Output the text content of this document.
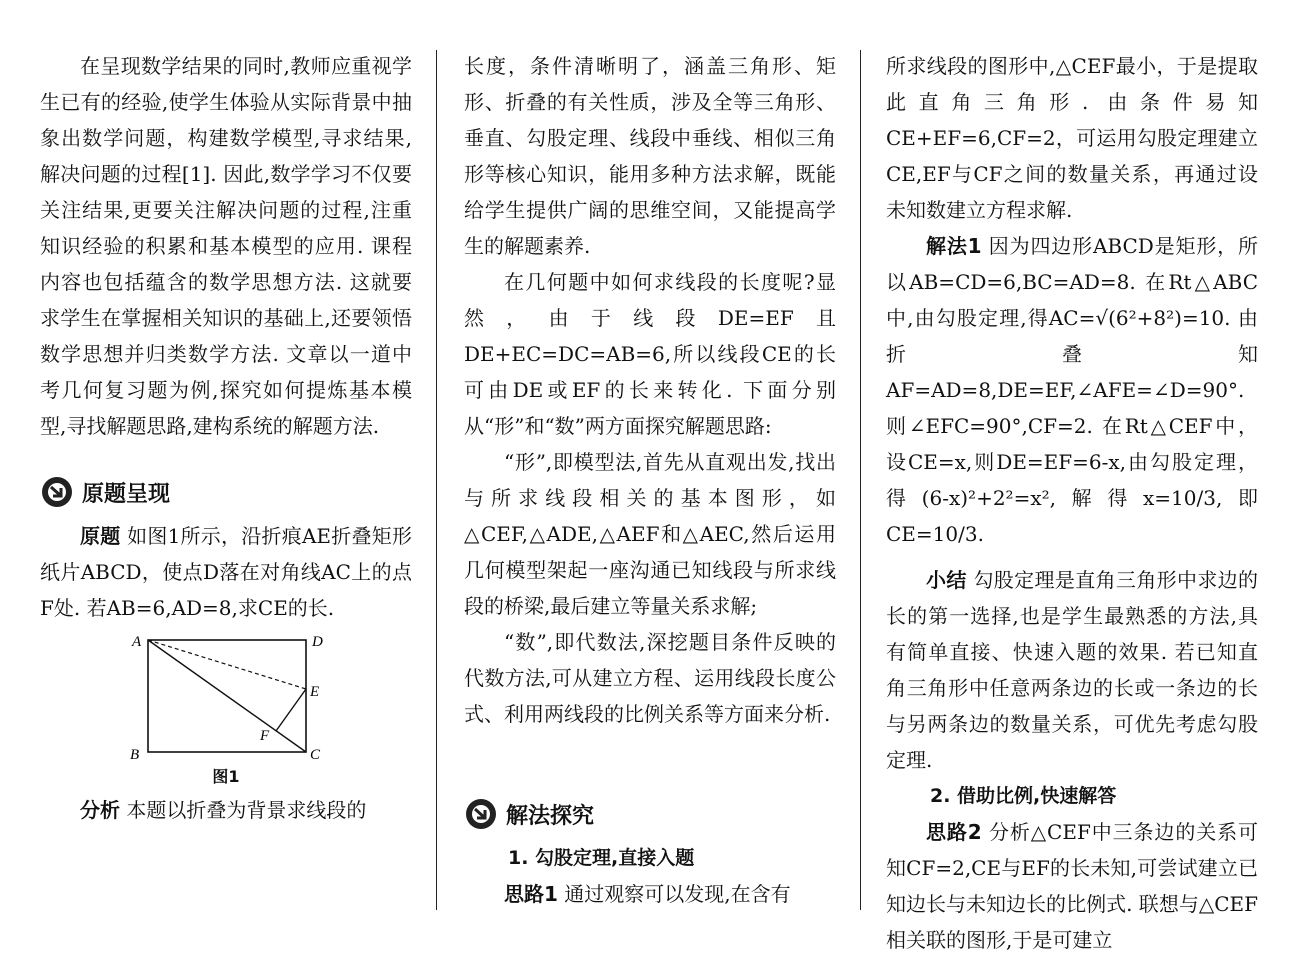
在呈现数学结果的同时,教师应重视学生已有的经验,使学生体验从实际背景中抽象出数学问题，构建数学模型,寻求结果,解决问题的过程[1]. 因此,数学学习不仅要关注结果,更要关注解决问题的过程,注重知识经验的积累和基本模型的应用. 课程内容也包括蕴含的数学思想方法. 这就要求学生在掌握相关知识的基础上,还要领悟数学思想并归类数学方法. 文章以一道中考几何复习题为例,探究如何提炼基本模型,寻找解题思路,建构系统的解题方法.

原题呈现

原题 如图1所示，沿折痕AE折叠矩形纸片ABCD，使点D落在对角线AC上的点F处. 若AB=6,AD=8,求CE的长.

A	D
E
F
B	C
图1

分析 本题以折叠为背景求线段的

长度，条件清晰明了，涵盖三角形、矩形、折叠的有关性质，涉及全等三角形、垂直、勾股定理、线段中垂线、相似三角形等核心知识，能用多种方法求解，既能给学生提供广阔的思维空间，又能提高学生的解题素养.

在几何题中如何求线段的长度呢?显然，由于线段DE=EF且DE+EC=DC=AB=6,所以线段CE的长可由DE或EF的长来转化. 下面分别从“形”和“数”两方面探究解题思路:

“形”,即模型法,首先从直观出发,找出与所求线段相关的基本图形，如△CEF,△ADE,△AEF和△AEC,然后运用几何模型架起一座沟通已知线段与所求线段的桥梁,最后建立等量关系求解;

“数”,即代数法,深挖题目条件反映的代数方法,可从建立方程、运用线段长度公式、利用两线段的比例关系等方面来分析.

解法探究
1. 勾股定理,直接入题

思路1 通过观察可以发现,在含有

所求线段的图形中,△CEF最小，于是提取此直角三角形. 由条件易知CE+EF=6,CF=2，可运用勾股定理建立CE,EF与CF之间的数量关系，再通过设未知数建立方程求解.

解法1 因为四边形ABCD是矩形，所以AB=CD=6,BC=AD=8. 在Rt△ABC中,由勾股定理,得AC=√(6²+8²)=10. 由折叠知AF=AD=8,DE=EF,∠AFE=∠D=90°. 则∠EFC=90°,CF=2. 在Rt△CEF中，设CE=x,则DE=EF=6-x,由勾股定理，得(6-x)²+2²=x²,解得x=10/3,即CE=10/3.

小结 勾股定理是直角三角形中求边的长的第一选择,也是学生最熟悉的方法,具有简单直接、快速入题的效果. 若已知直角三角形中任意两条边的长或一条边的长与另两条边的数量关系，可优先考虑勾股定理.

2. 借助比例,快速解答

思路2 分析△CEF中三条边的关系可知CF=2,CE与EF的长未知,可尝试建立已知边长与未知边长的比例式. 联想与△CEF相关联的图形,于是可建立
